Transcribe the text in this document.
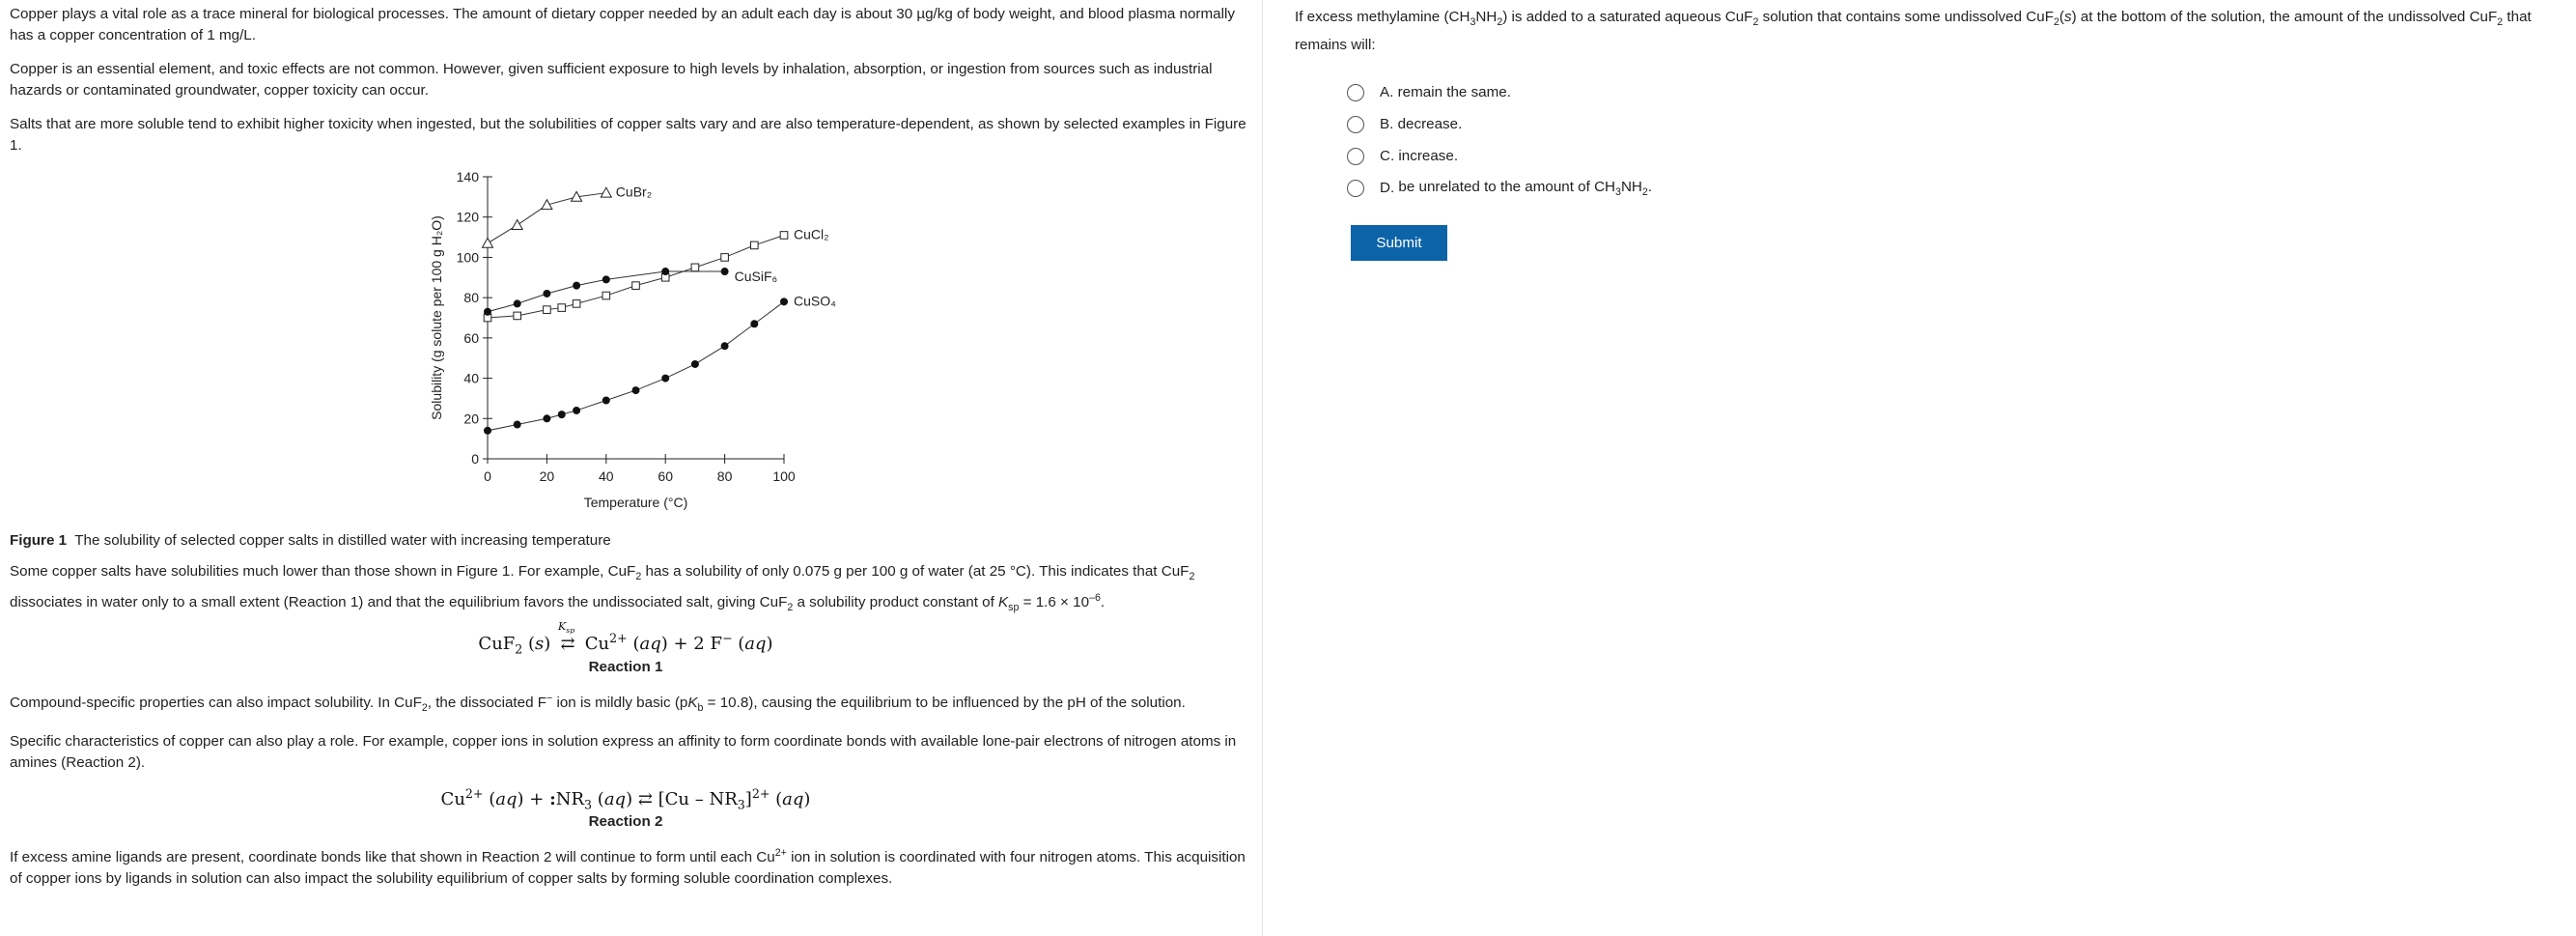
Copper plays a vital role as a trace mineral for biological processes. The amount of dietary copper needed by an adult each day is about 30 µg/kg of body weight, and blood plasma normally has a copper concentration of 1 mg/L.

Copper is an essential element, and toxic effects are not common. However, given sufficient exposure to high levels by inhalation, absorption, or ingestion from sources such as industrial hazards or contaminated groundwater, copper toxicity can occur.

Salts that are more soluble tend to exhibit higher toxicity when ingested, but the solubilities of copper salts vary and are also temperature-dependent, as shown by selected examples in Figure 1.

0
20
40
60
80
100
120
140
0	20	40	60	80	100
Temperature (°C)
Solubility (g solute per 100 g H₂O)
CuBr₂
CuCl₂
CuSiF₆
CuSO₄
Figure 1 The solubility of selected copper salts in distilled water with increasing temperature

Some copper salts have solubilities much lower than those shown in Figure 1. For example, CuF$_2$ has a solubility of only 0.075 g per 100 g of water (at 25 °C). This indicates that CuF$_2$ dissociates in water only to a small extent (Reaction 1) and that the equilibrium favors the undissociated salt, giving CuF$_2$ a solubility product constant of $K_{sp} = 1.6 \times 10^{-6}$.

CuF$_2$ (s)
$K_{sp}$
⇄ $Cu^{2+}$ (aq) + 2 F− (aq)
Reaction 1

Compound-specific properties can also impact solubility. In CuF$_2$, the dissociated F− ion is mildly basic $(pK_b = 10.8)$, causing the equilibrium to be influenced by the pH of the solution.

Specific characteristics of copper can also play a role. For example, copper ions in solution express an affinity to form coordinate bonds with available lone-pair electrons of nitrogen atoms in amines (Reaction 2).

$Cu^{2+}$ $(aq) + :NR_3$ (aq) ⇄ $[Cu - NR_3]^{2+}$ (aq)
Reaction 2

If excess amine ligands are present, coordinate bonds like that shown in Reaction 2 will continue to form until each $Cu^{2+}$ ion in solution is coordinated with four nitrogen atoms. This acquisition of copper ions by ligands in solution can also impact the solubility equilibrium of copper salts by forming soluble coordination complexes.

If excess methylamine $(CH_3NH_2)$ is added to a saturated aqueous CuF$_2$ solution that contains some undissolved CuF$_2$(s) at the bottom of the solution, the amount of the undissolved CuF$_2$ that remains will:
A.
remain the same.
B.
decrease.
C.
increase.
D.
be unrelated to the amount of $CH_3NH_2$.
Submit
